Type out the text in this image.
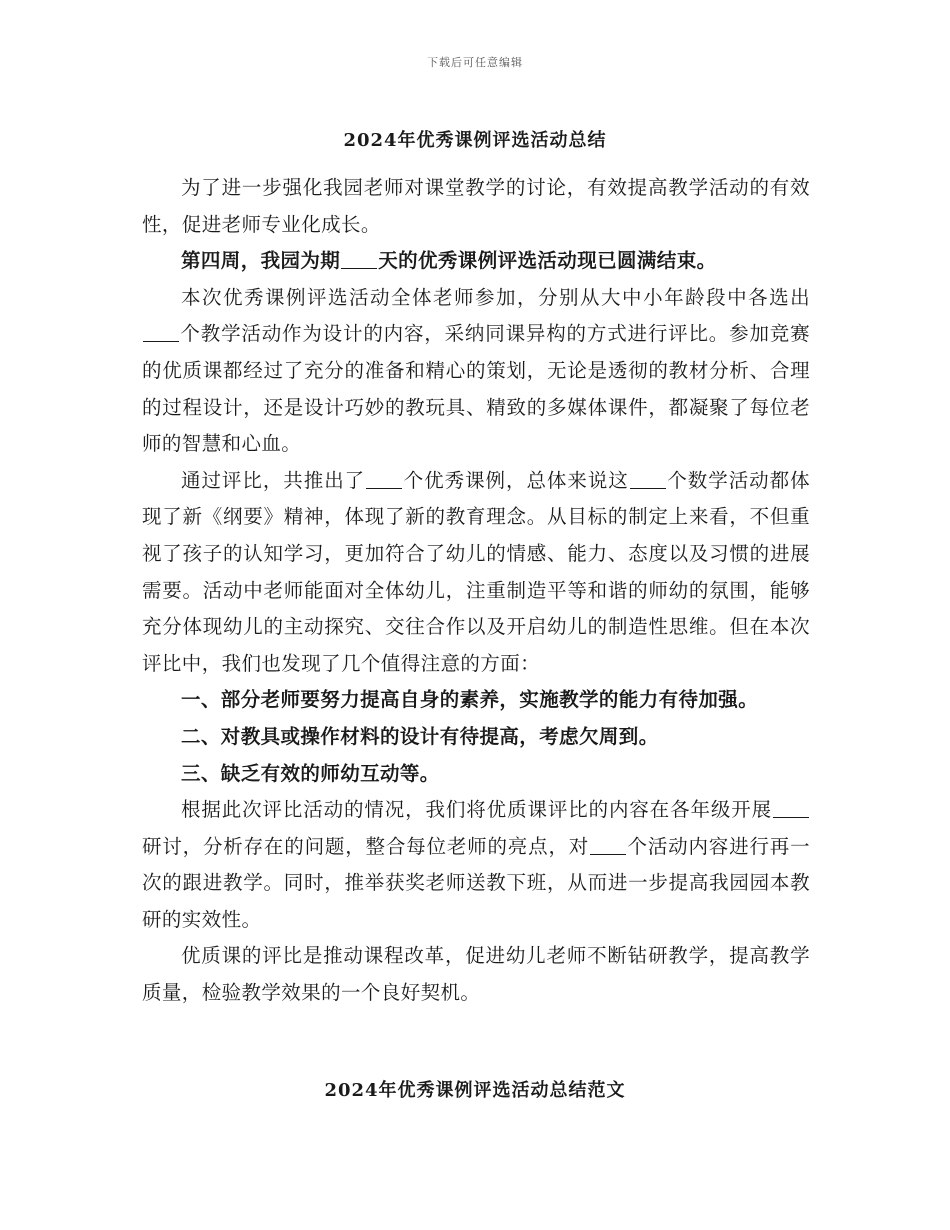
下载后可任意编辑
2024年优秀课例评选活动总结

为了进一步强化我园老师对课堂教学的讨论，有效提高教学活动的有效性，促进老师专业化成长。

第四周，我园为期 天的优秀课例评选活动现已圆满结束。

本次优秀课例评选活动全体老师参加，分别从大中小年龄段中各选出个教学活动作为设计的内容，采纳同课异构的方式进行评比。参加竞赛的优质课都经过了充分的准备和精心的策划，无论是透彻的教材分析、合理的过程设计，还是设计巧妙的教玩具、精致的多媒体课件，都凝聚了每位老师的智慧和心血。

通过评比，共推出了 个优秀课例，总体来说这 个数学活动都体现了新《纲要》精神，体现了新的教育理念。从目标的制定上来看，不但重视了孩子的认知学习，更加符合了幼儿的情感、能力、态度以及习惯的进展需要。活动中老师能面对全体幼儿，注重制造平等和谐的师幼的氛围，能够充分体现幼儿的主动探究、交往合作以及开启幼儿的制造性思维。但在本次评比中，我们也发现了几个值得注意的方面：

一、部分老师要努力提高自身的素养，实施教学的能力有待加强。

二、对教具或操作材料的设计有待提高，考虑欠周到。

三、缺乏有效的师幼互动等。

根据此次评比活动的情况，我们将优质课评比的内容在各年级开展研讨，分析存在的问题，整合每位老师的亮点，对 个活动内容进行再一次的跟进教学。同时，推举获奖老师送教下班，从而进一步提高我园园本教研的实效性。

优质课的评比是推动课程改革，促进幼儿老师不断钻研教学，提高教学质量，检验教学效果的一个良好契机。

2024年优秀课例评选活动总结范文
